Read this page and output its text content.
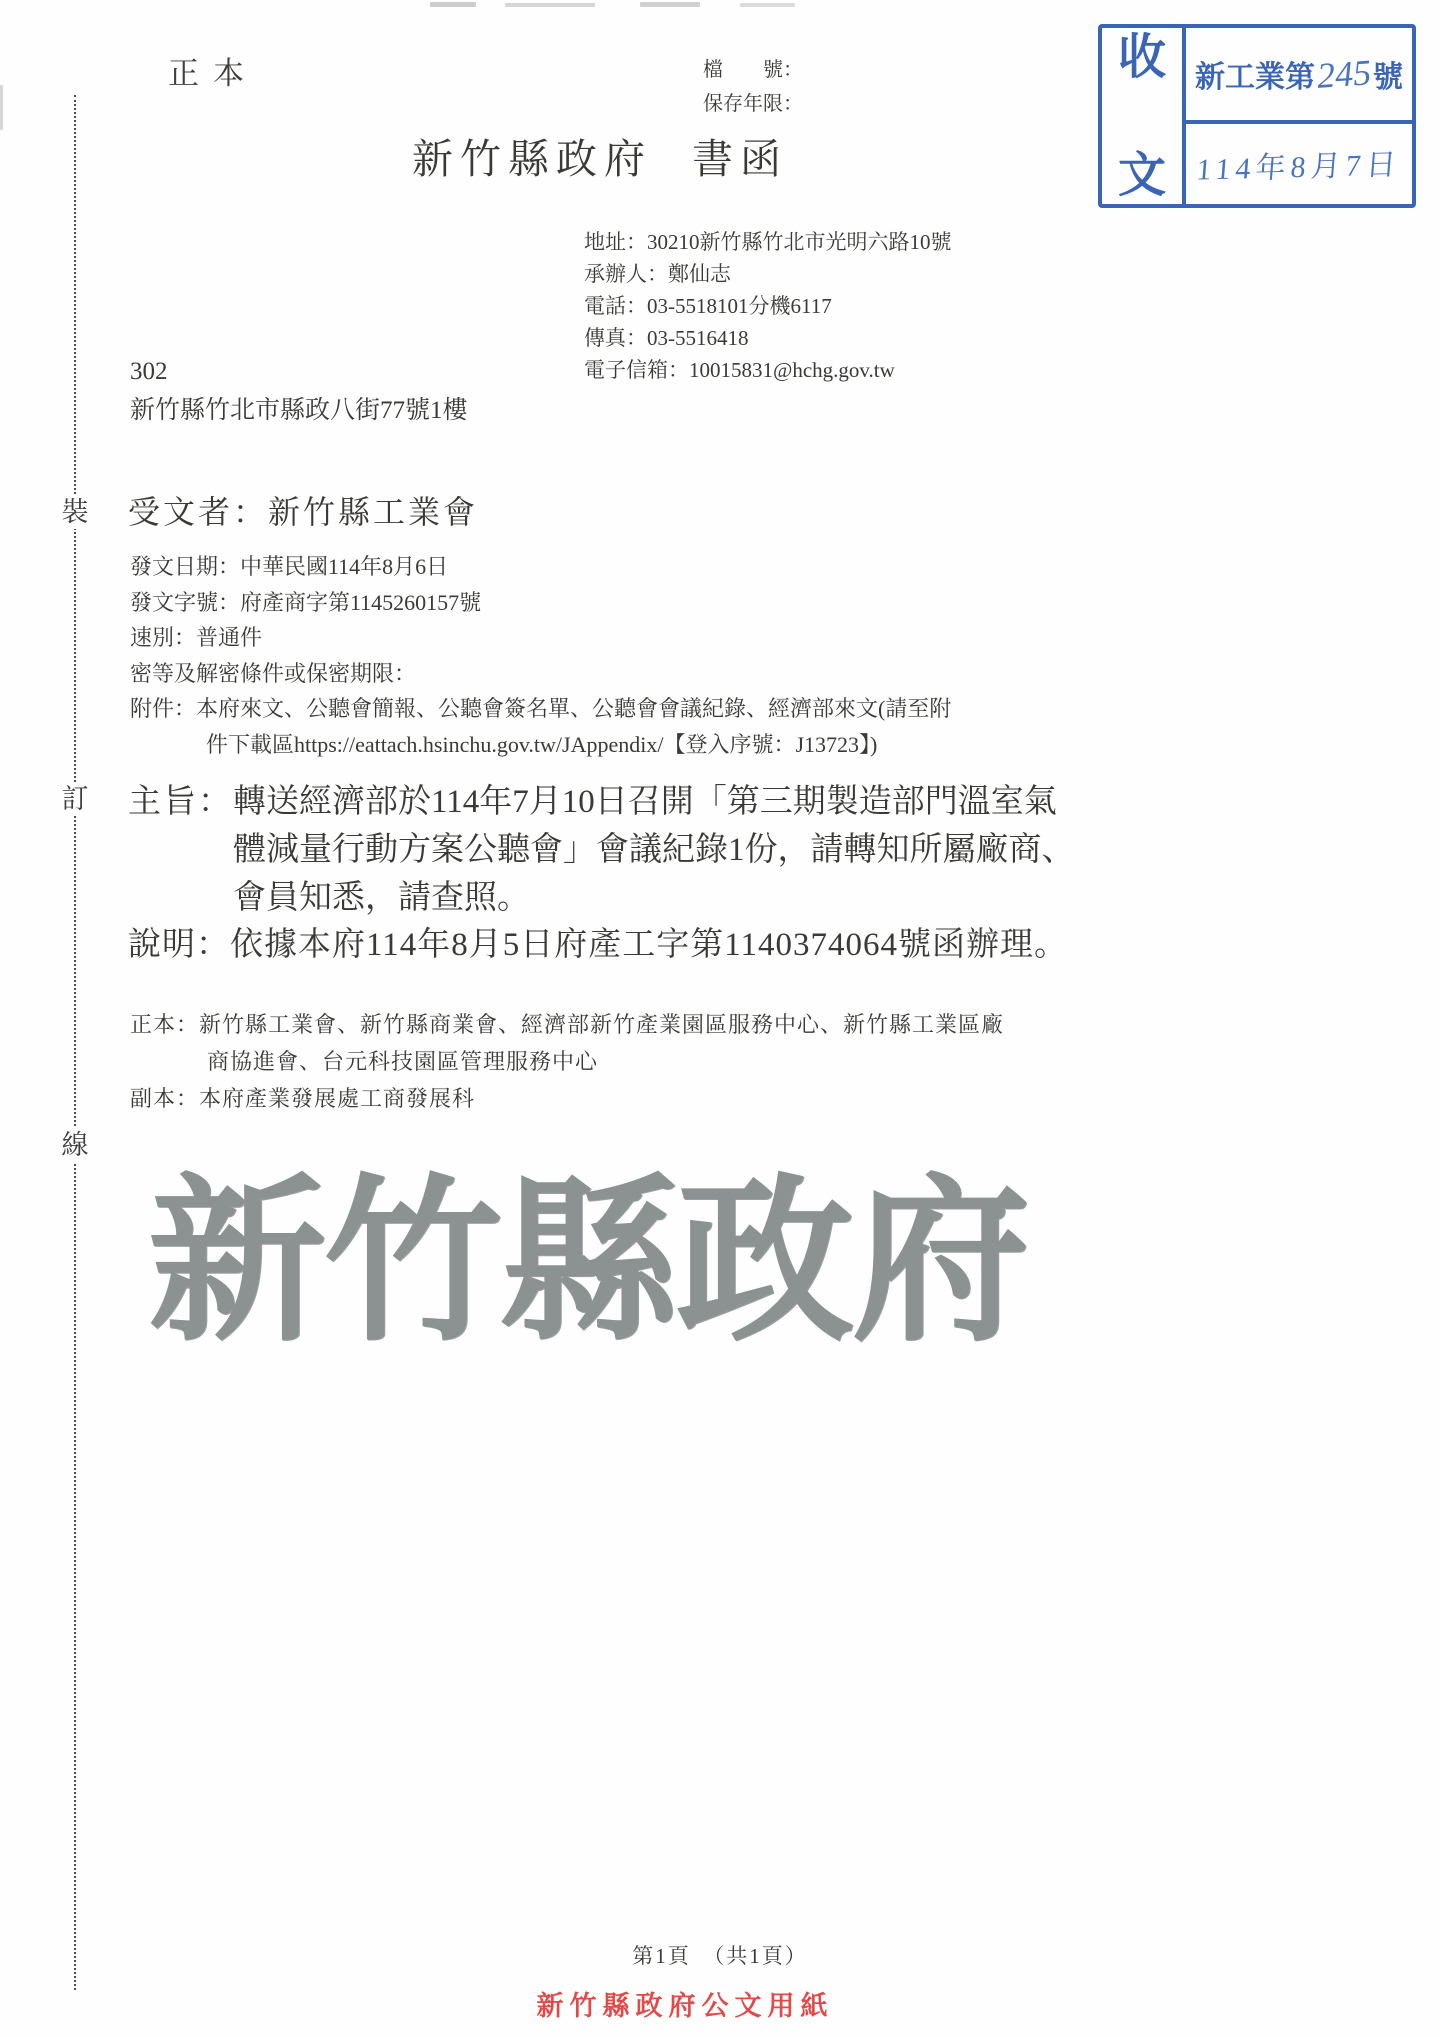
裝
訂
線
正本	檔　　號：
保存年限：
收
文
新工業第 245 號
114年8月7日
新竹縣政府 書函
地址：30210新竹縣竹北市光明六路10號
承辦人：鄭仙志
電話：03-5518101分機6117
傳真：03-5516418
電子信箱：10015831@hchg.gov.tw
302
新竹縣竹北市縣政八街77號1樓
受文者：新竹縣工業會
發文日期：中華民國114年8月6日
發文字號：府產商字第1145260157號
速別：普通件
密等及解密條件或保密期限：
附件：本府來文、公聽會簡報、公聽會簽名單、公聽會會議紀錄、經濟部來文(請至附
件下載區https://eattach.hsinchu.gov.tw/JAppendix/【登入序號：J13723】)
主旨： 轉送經濟部於114年7月10日召開「第三期製造部門溫室氣
體減量行動方案公聽會」會議紀錄1份，請轉知所屬廠商、
會員知悉，請查照。
說明：依據本府114年8月5日府產工字第1140374064號函辦理。
正本：新竹縣工業會、新竹縣商業會、經濟部新竹產業園區服務中心、新竹縣工業區廠
商協進會、台元科技園區管理服務中心
副本：本府產業發展處工商發展科
新竹縣政府
第1頁　（共1頁）
新竹縣政府公文用紙
